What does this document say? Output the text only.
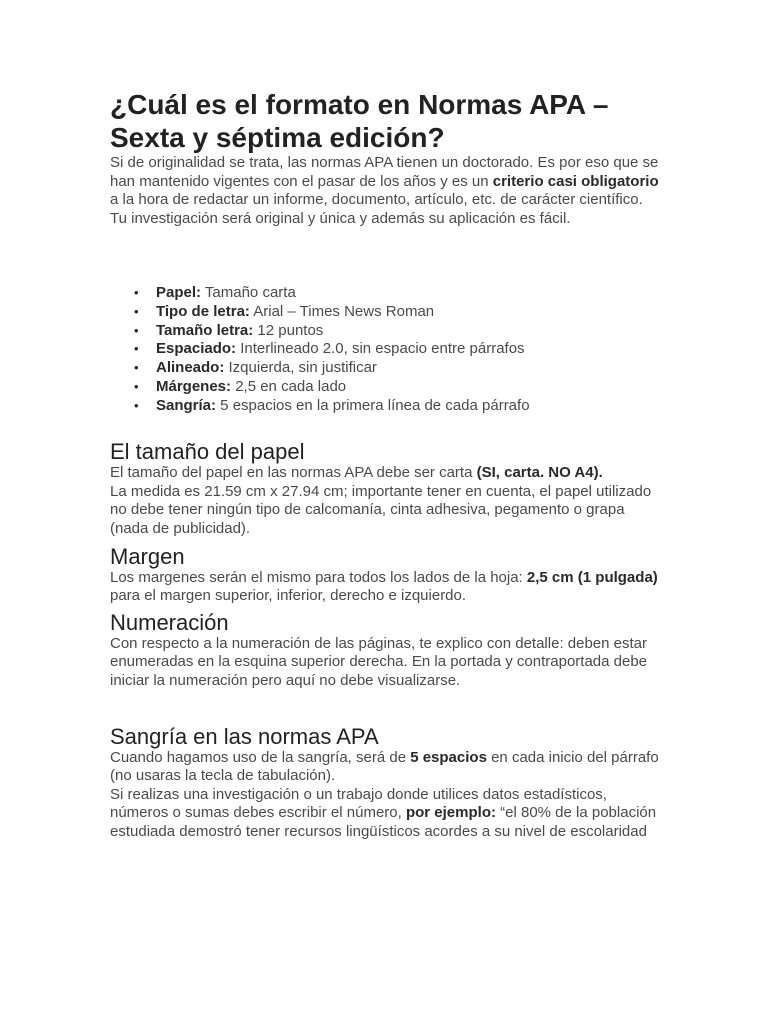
¿Cuál es el formato en Normas APA – Sexta y séptima edición?

Si de originalidad se trata, las normas APA tienen un doctorado. Es por eso que se han mantenido vigentes con el pasar de los años y es un criterio casi obligatorio a la hora de redactar un informe, documento, artículo, etc. de carácter científico. Tu investigación será original y única y además su aplicación es fácil.

• Papel: Tamaño carta
• Tipo de letra: Arial – Times News Roman
• Tamaño letra: 12 puntos
• Espaciado: Interlineado 2.0, sin espacio entre párrafos
• Alineado: Izquierda, sin justificar
• Márgenes: 2,5 en cada lado
• Sangría: 5 espacios en la primera línea de cada párrafo
El tamaño del papel

El tamaño del papel en las normas APA debe ser carta (SI, carta. NO A4).

La medida es 21.59 cm x 27.94 cm; importante tener en cuenta, el papel utilizado no debe tener ningún tipo de calcomanía, cinta adhesiva, pegamento o grapa (nada de publicidad).

Margen

Los margenes serán el mismo para todos los lados de la hoja: 2,5 cm (1 pulgada) para el margen superior, inferior, derecho e izquierdo.

Numeración

Con respecto a la numeración de las páginas, te explico con detalle: deben estar enumeradas en la esquina superior derecha. En la portada y contraportada debe iniciar la numeración pero aquí no debe visualizarse.

Sangría en las normas APA

Cuando hagamos uso de la sangría, será de 5 espacios en cada inicio del párrafo (no usaras la tecla de tabulación).

Si realizas una investigación o un trabajo donde utilices datos estadísticos, números o sumas debes escribir el número, por ejemplo: “el 80% de la población estudiada demostró tener recursos lingüísticos acordes a su nivel de escolaridad
